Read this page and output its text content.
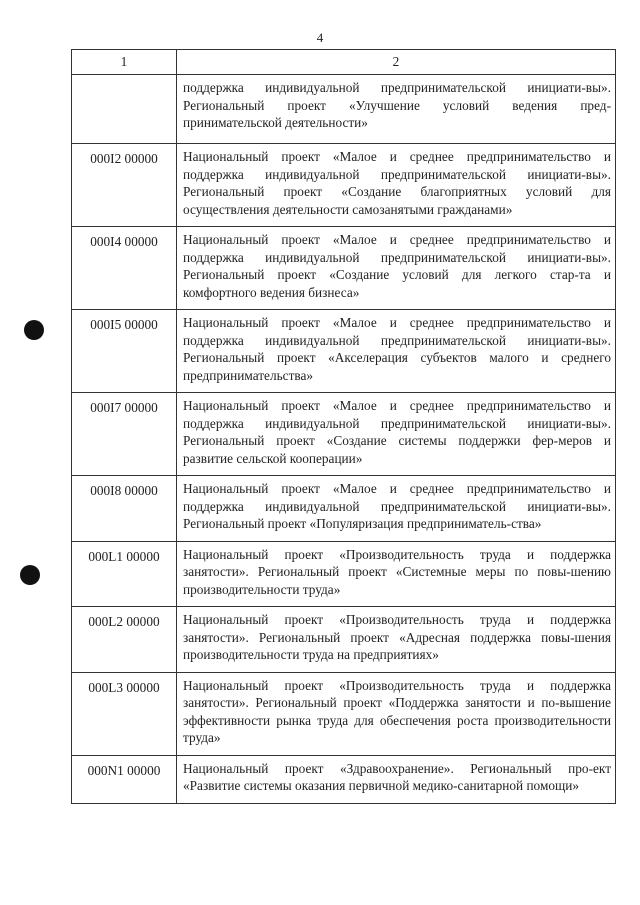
4
1	2
	поддержка индивидуальной предпринимательской инициати-вы». Региональный проект «Улучшение условий ведения пред-принимательской деятельности»
000I2 00000	Национальный проект «Малое и среднее предпринимательство и поддержка индивидуальной предпринимательской инициати-вы». Региональный проект «Создание благоприятных условий для осуществления деятельности самозанятыми гражданами»
000I4 00000	Национальный проект «Малое и среднее предпринимательство и поддержка индивидуальной предпринимательской инициати-вы». Региональный проект «Создание условий для легкого стар-та и комфортного ведения бизнеса»
000I5 00000	Национальный проект «Малое и среднее предпринимательство и поддержка индивидуальной предпринимательской инициати-вы». Региональный проект «Акселерация субъектов малого и среднего предпринимательства»
000I7 00000	Национальный проект «Малое и среднее предпринимательство и поддержка индивидуальной предпринимательской инициати-вы». Региональный проект «Создание системы поддержки фер-меров и развитие сельской кооперации»
000I8 00000	Национальный проект «Малое и среднее предпринимательство и поддержка индивидуальной предпринимательской инициати-вы». Региональный проект «Популяризация предприниматель-ства»
000L1 00000	Национальный проект «Производительность труда и поддержка занятости». Региональный проект «Системные меры по повы-шению производительности труда»
000L2 00000	Национальный проект «Производительность труда и поддержка занятости». Региональный проект «Адресная поддержка повы-шения производительности труда на предприятиях»
000L3 00000	Национальный проект «Производительность труда и поддержка занятости». Региональный проект «Поддержка занятости и по-вышение эффективности рынка труда для обеспечения роста производительности труда»
000N1 00000	Национальный проект «Здравоохранение». Региональный про-ект «Развитие системы оказания первичной медико-санитарной помощи»
